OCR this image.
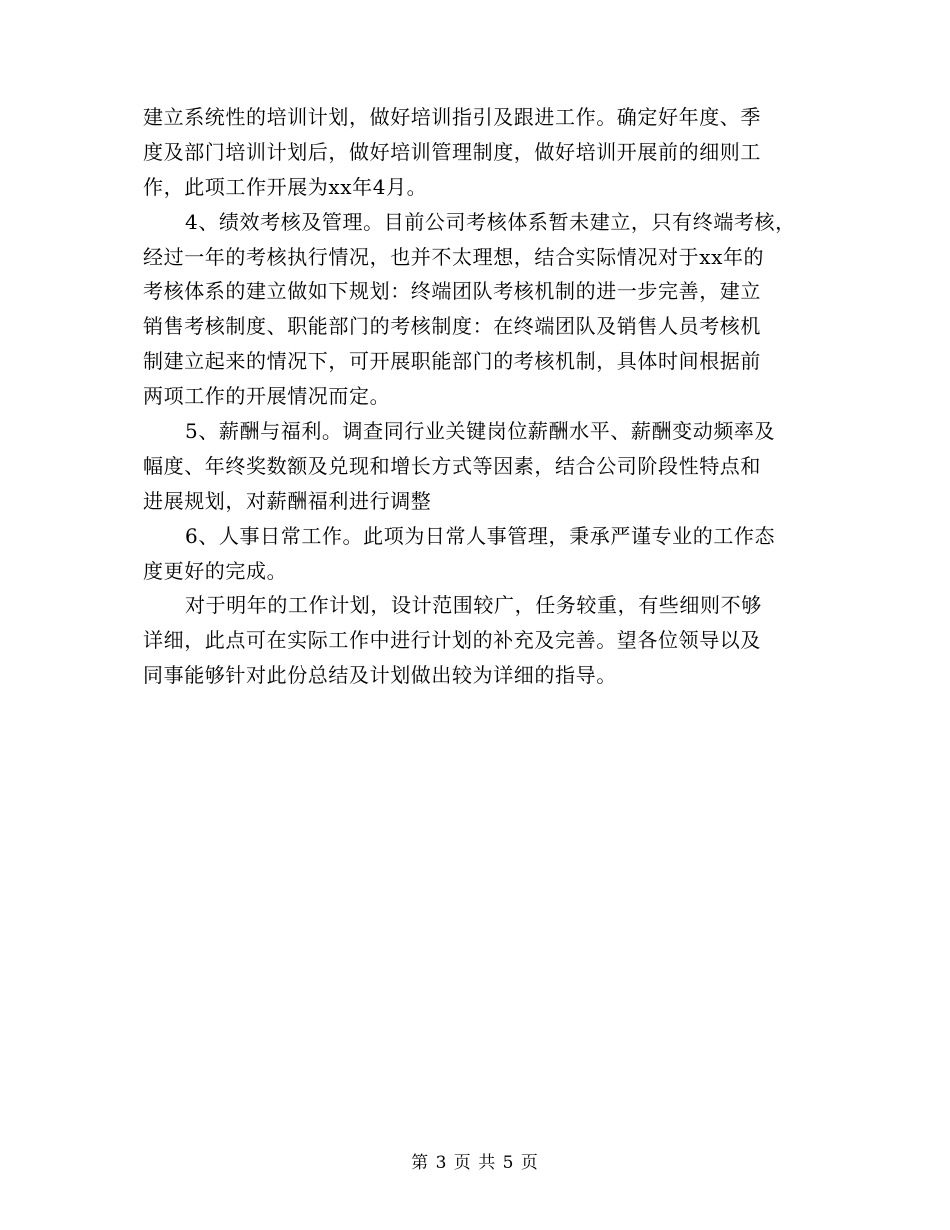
建立系统性的培训计划，做好培训指引及跟进工作。确定好年度、季
度及部门培训计划后，做好培训管理制度，做好培训开展前的细则工
作，此项工作开展为xx年4月。
4、绩效考核及管理。目前公司考核体系暂未建立，只有终端考核，
经过一年的考核执行情况，也并不太理想，结合实际情况对于xx年的
考核体系的建立做如下规划：终端团队考核机制的进一步完善，建立
销售考核制度、职能部门的考核制度：在终端团队及销售人员考核机
制建立起来的情况下，可开展职能部门的考核机制，具体时间根据前
两项工作的开展情况而定。
5、薪酬与福利。调查同行业关键岗位薪酬水平、薪酬变动频率及
幅度、年终奖数额及兑现和增长方式等因素，结合公司阶段性特点和
进展规划，对薪酬福利进行调整
6、人事日常工作。此项为日常人事管理，秉承严谨专业的工作态
度更好的完成。
对于明年的工作计划，设计范围较广，任务较重，有些细则不够
详细，此点可在实际工作中进行计划的补充及完善。望各位领导以及
同事能够针对此份总结及计划做出较为详细的指导。
第 3 页 共 5 页
